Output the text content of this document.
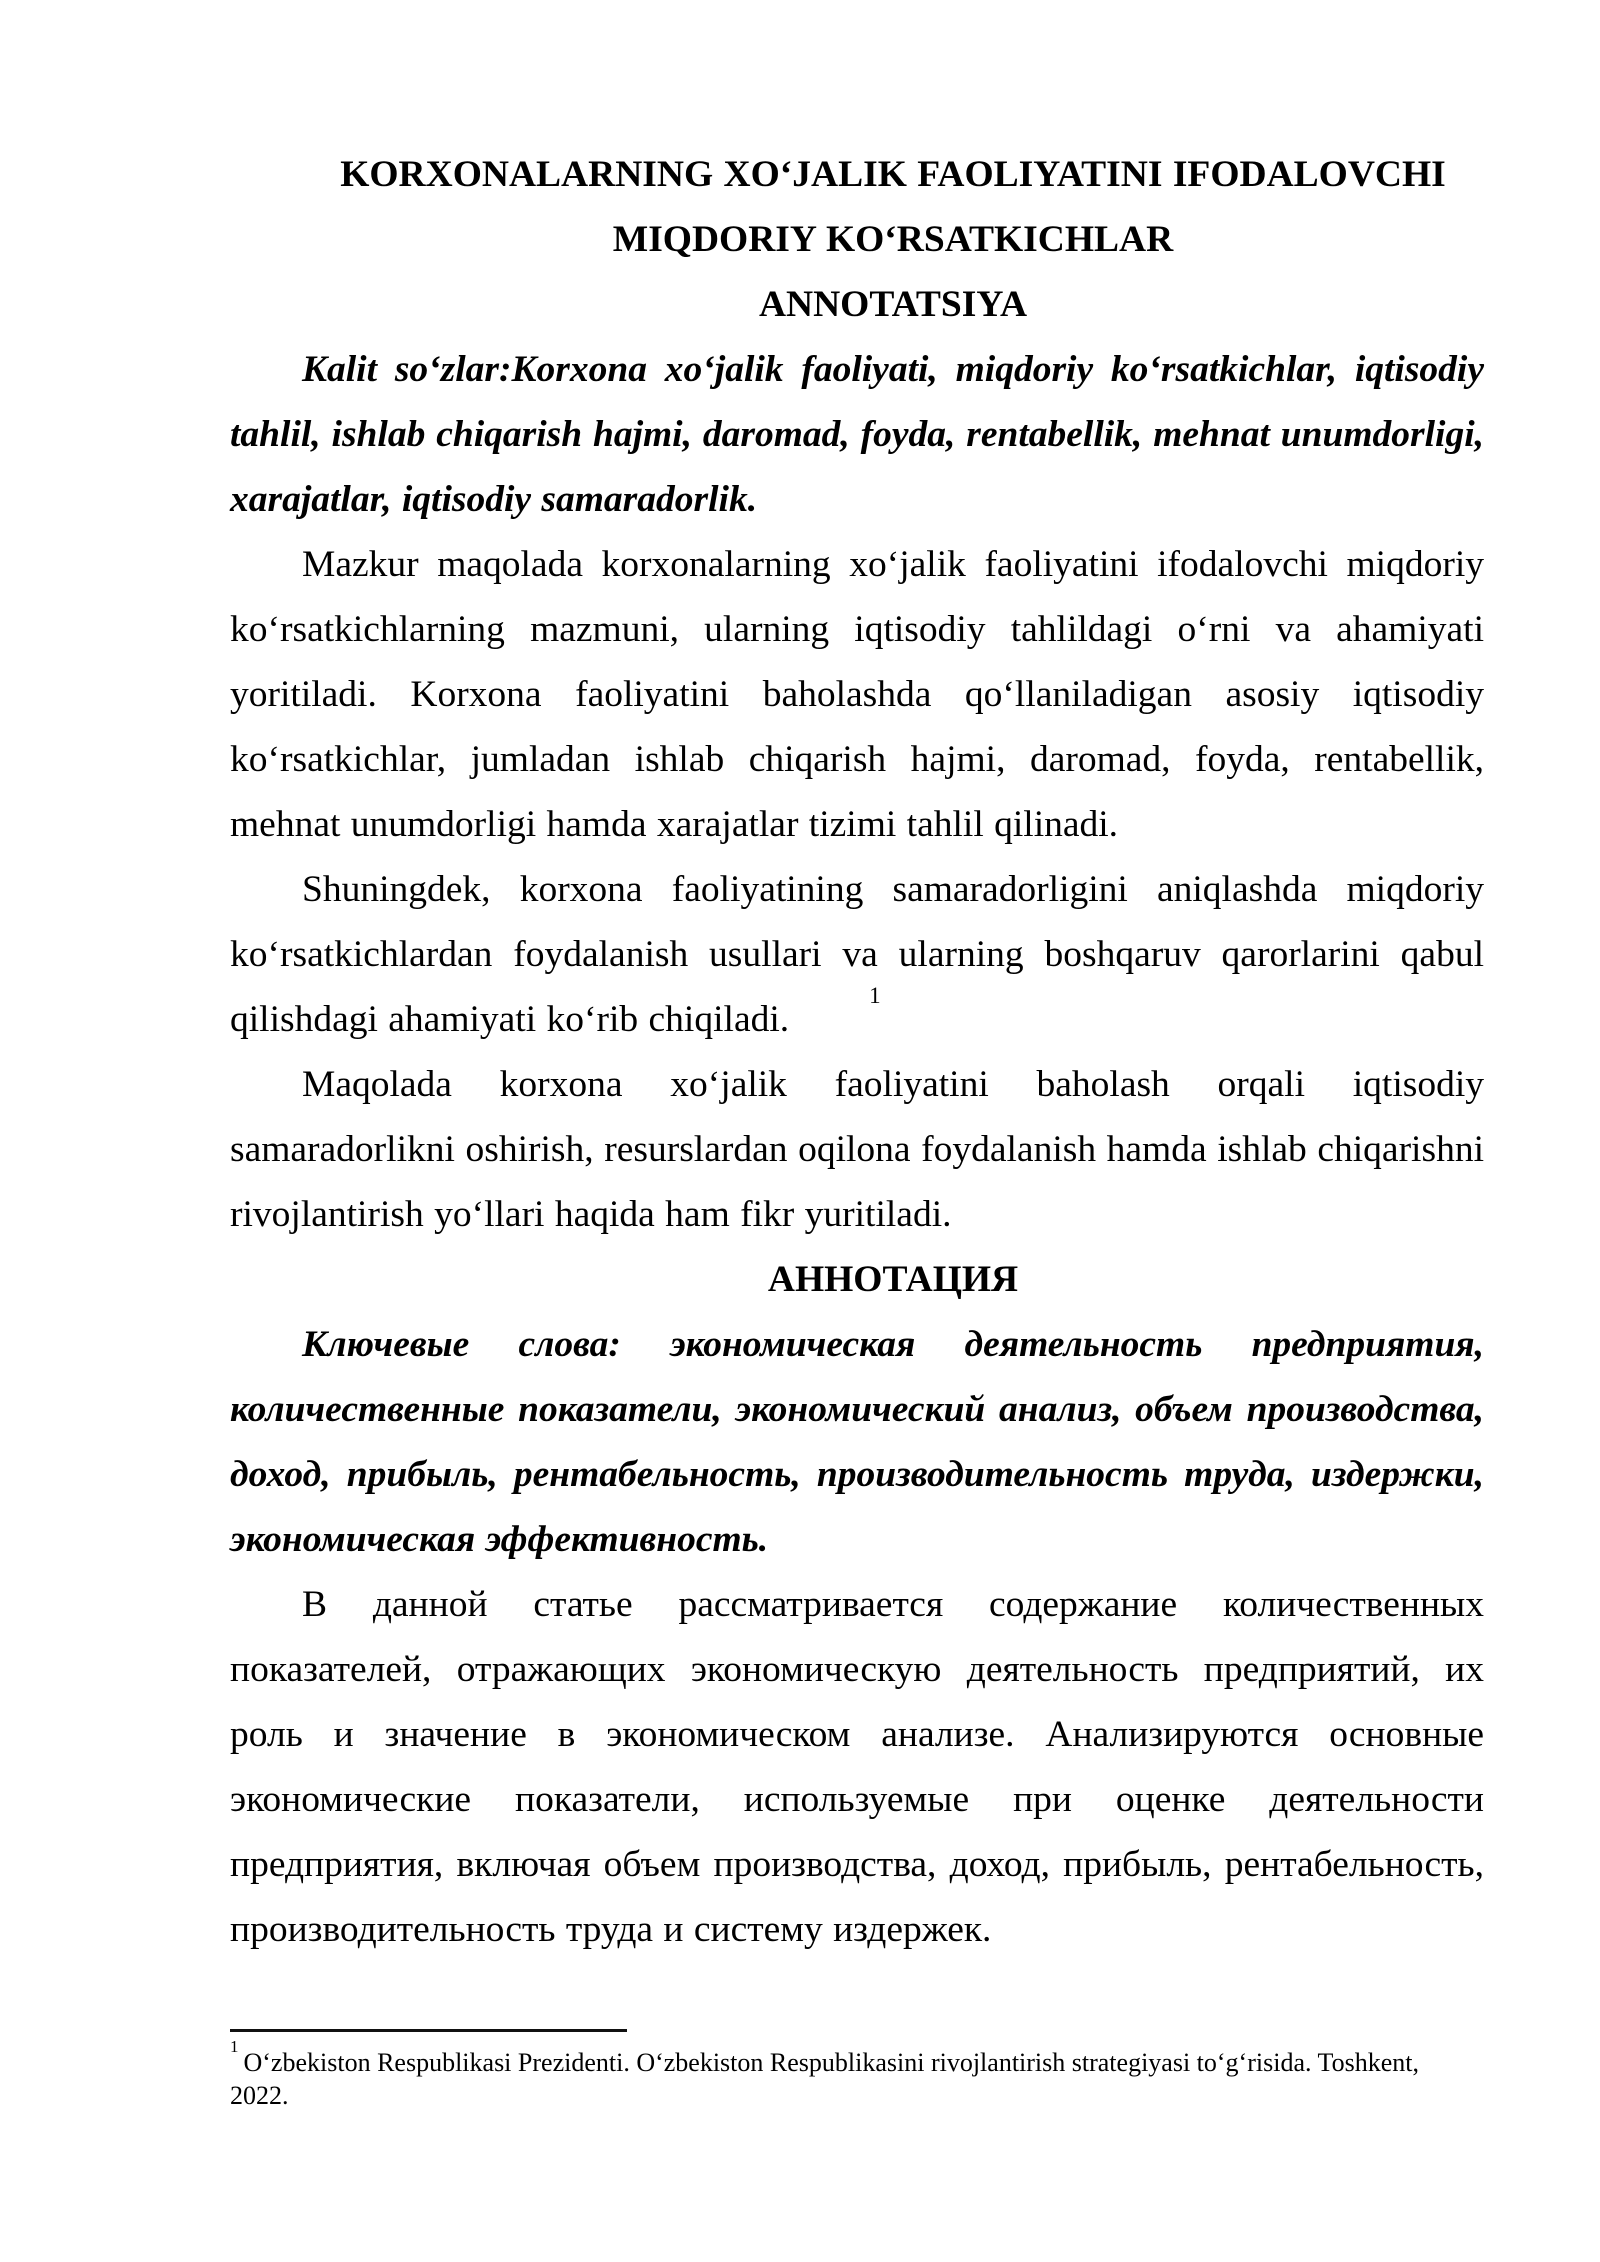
KORXONALARNING XO‘JALIK FAOLIYATINI IFODALOVCHI

MIQDORIY KO‘RSATKICHLAR

ANNOTATSIYA

Kalit so‘zlar:Korxona xo‘jalik faoliyati, miqdoriy ko‘rsatkichlar, iqtisodiy tahlil, ishlab chiqarish hajmi, daromad, foyda, rentabellik, mehnat unumdorligi, xarajatlar, iqtisodiy samaradorlik.

Mazkur maqolada korxonalarning xo‘jalik faoliyatini ifodalovchi miqdoriy ko‘rsatkichlarning mazmuni, ularning iqtisodiy tahlildagi o‘rni va ahamiyati yoritiladi. Korxona faoliyatini baholashda qo‘llaniladigan asosiy iqtisodiy ko‘rsatkichlar, jumladan ishlab chiqarish hajmi, daromad, foyda, rentabellik, mehnat unumdorligi hamda xarajatlar tizimi tahlil qilinadi.

Shuningdek, korxona faoliyatining samaradorligini aniqlashda miqdoriy ko‘rsatkichlardan foydalanish usullari va ularning boshqaruv qarorlarini qabul qilishdagi ahamiyati ko‘rib chiqiladi.$^1$

Maqolada korxona xo‘jalik faoliyatini baholash orqali iqtisodiy samaradorlikni oshirish, resurslardan oqilona foydalanish hamda ishlab chiqarishni rivojlantirish yo‘llari haqida ham fikr yuritiladi.

АННОТАЦИЯ

Ключевые слова: экономическая деятельность предприятия, количественные показатели, экономический анализ, объем производства, доход, прибыль, рентабельность, производительность труда, издержки, экономическая эффективность.

В данной статье рассматривается содержание количественных показателей, отражающих экономическую деятельность предприятий, их роль и значение в экономическом анализе. Анализируются основные экономические показатели, используемые при оценке деятельности предприятия, включая объем производства, доход, прибыль, рентабельность, производительность труда и систему издержек.

$^1$O‘zbekiston Respublikasi Prezidenti. O‘zbekiston Respublikasini rivojlantirish strategiyasi to‘g‘risida. Toshkent,
2022.
